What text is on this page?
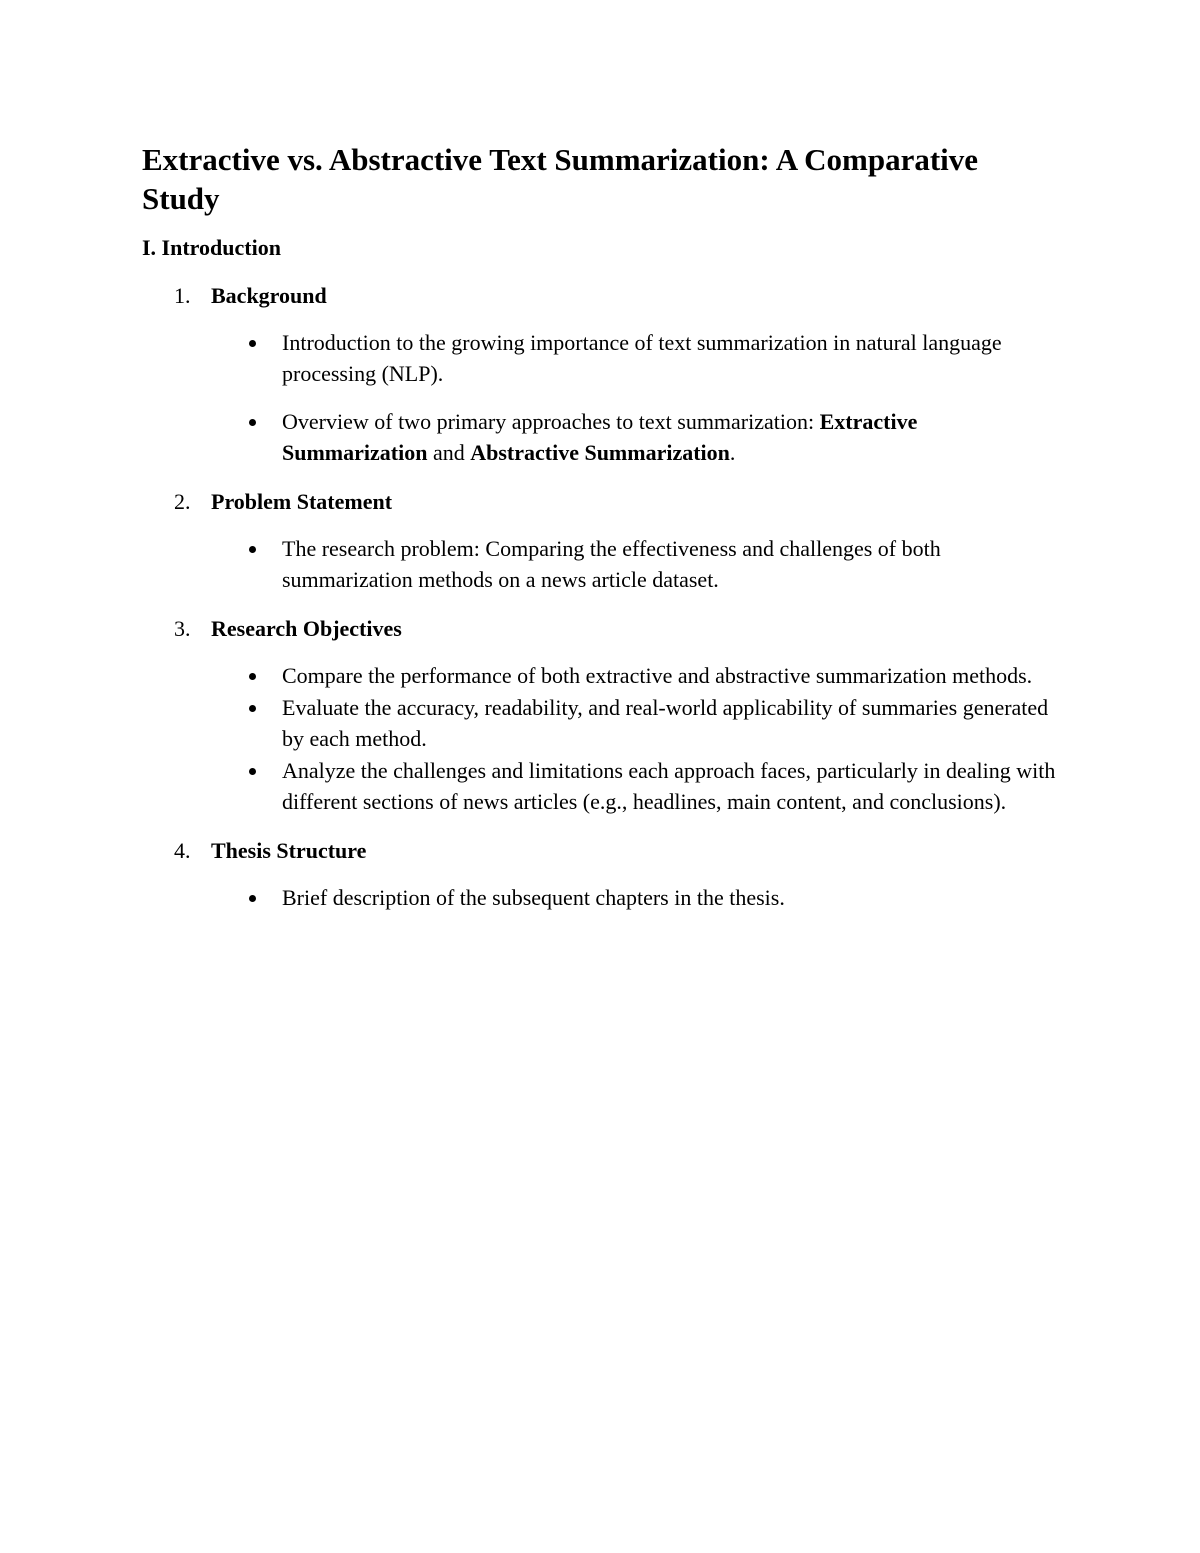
Extractive vs. Abstractive Text Summarization: A Comparative Study
I. Introduction
1. Background
Introduction to the growing importance of text summarization in natural language processing (NLP).
Overview of two primary approaches to text summarization: Extractive Summarization and Abstractive Summarization.
2. Problem Statement
The research problem: Comparing the effectiveness and challenges of both summarization methods on a news article dataset.
3. Research Objectives
Compare the performance of both extractive and abstractive summarization methods.
Evaluate the accuracy, readability, and real-world applicability of summaries generated by each method.
Analyze the challenges and limitations each approach faces, particularly in dealing with different sections of news articles (e.g., headlines, main content, and conclusions).
4. Thesis Structure
Brief description of the subsequent chapters in the thesis.
